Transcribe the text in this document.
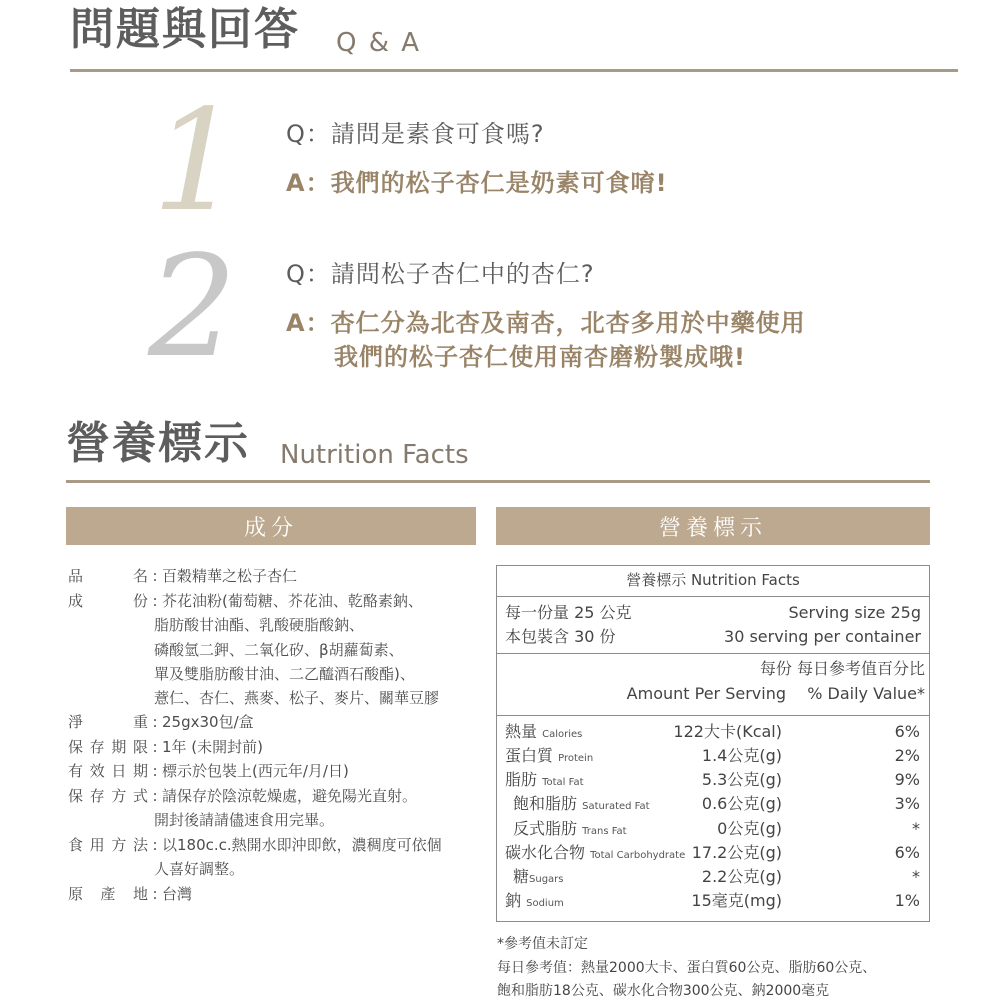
問題與回答 Q & A
1 Q：請問是素食可食嗎?
A：我們的松子杏仁是奶素可食唷!
2 Q：請問松子杏仁中的杏仁?
A：杏仁分為北杏及南杏，北杏多用於中藥使用
我們的松子杏仁使用南杏磨粉製成哦!
營養標示 Nutrition Facts
成分	營養標示
品	名 : 百穀精華之松子杏仁
成	份 : 芥花油粉(葡萄糖、芥花油、乾酪素鈉、
脂肪酸甘油酯、乳酸硬脂酸鈉、
磷酸氫二鉀、二氧化矽、β胡蘿蔔素、
單及雙脂肪酸甘油、二乙醯酒石酸酯)、
薏仁、杏仁、燕麥、松子、麥片、關華豆膠
淨	重 : 25gx30包/盒
保 存 期 限 : 1年 (未開封前)
有 效 日 期 : 標示於包裝上(西元年/月/日)
保 存 方 式 : 請保存於陰涼乾燥處，避免陽光直射。
開封後請請儘速食用完畢。
食 用 方 法 : 以180c.c.熱開水即沖即飲，濃稠度可依個
人喜好調整。
原 產 地 : 台灣
營養標示 Nutrition Facts
每一份量 25 公克	Serving size 25g
本包裝含 30 份	30 serving per container
每份 每日參考值百分比
Amount Per Serving % Daily Value*
熱量 Calories	122大卡(Kcal)	6%
蛋白質 Protein	1.4公克(g)	2%
脂肪 Total Fat	5.3公克(g)	9%
飽和脂肪 Saturated Fat	0.6公克(g)	3%
反式脂肪 Trans Fat	0公克(g)	*
碳水化合物 Total Carbohydrate 17.2公克(g)	6%
糖Sugars	2.2公克(g)	*
鈉 Sodium	15毫克(mg)	1%
*參考值未訂定
每日參考值：熱量2000大卡、蛋白質60公克、脂肪60公克、
飽和脂肪18公克、碳水化合物300公克、鈉2000毫克
